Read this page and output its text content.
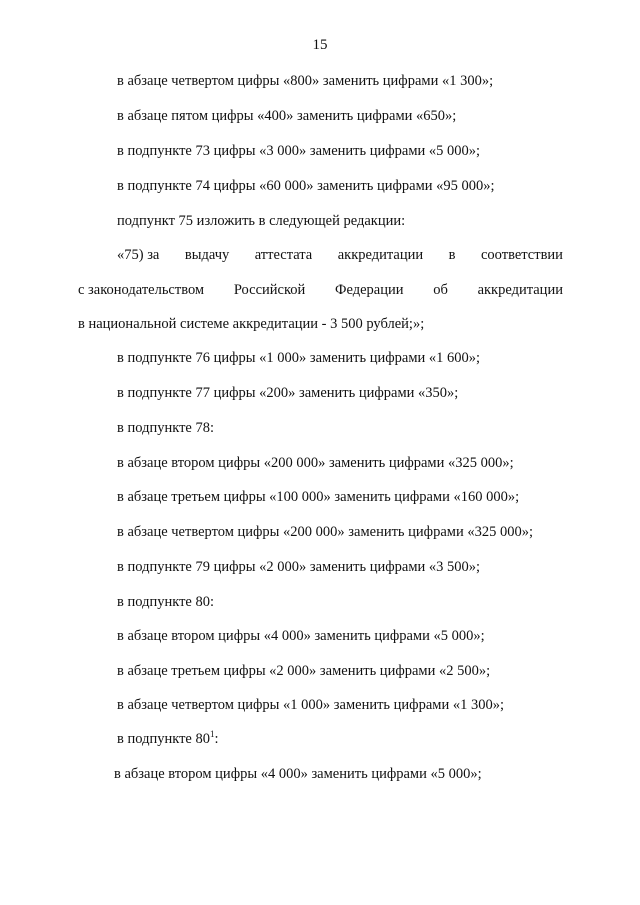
15
в абзаце четвертом цифры «800» заменить цифрами «1 300»;
в абзаце пятом цифры «400» заменить цифрами «650»;
в подпункте 73 цифры «3 000» заменить цифрами «5 000»;
в подпункте 74 цифры «60 000» заменить цифрами «95 000»;
подпункт 75 изложить в следующей редакции:
«75) за выдачу аттестата аккредитации в соответствии
с законодательством Российской Федерации об аккредитации
в национальной системе аккредитации - 3 500 рублей;»;
в подпункте 76 цифры «1 000» заменить цифрами «1 600»;
в подпункте 77 цифры «200» заменить цифрами «350»;
в подпункте 78:
в абзаце втором цифры «200 000» заменить цифрами «325 000»;
в абзаце третьем цифры «100 000» заменить цифрами «160 000»;
в абзаце четвертом цифры «200 000» заменить цифрами «325 000»;
в подпункте 79 цифры «2 000» заменить цифрами «3 500»;
в подпункте 80:
в абзаце втором цифры «4 000» заменить цифрами «5 000»;
в абзаце третьем цифры «2 000» заменить цифрами «2 500»;
в абзаце четвертом цифры «1 000» заменить цифрами «1 300»;
в подпункте $80^1$:
в абзаце втором цифры «4 000» заменить цифрами «5 000»;
